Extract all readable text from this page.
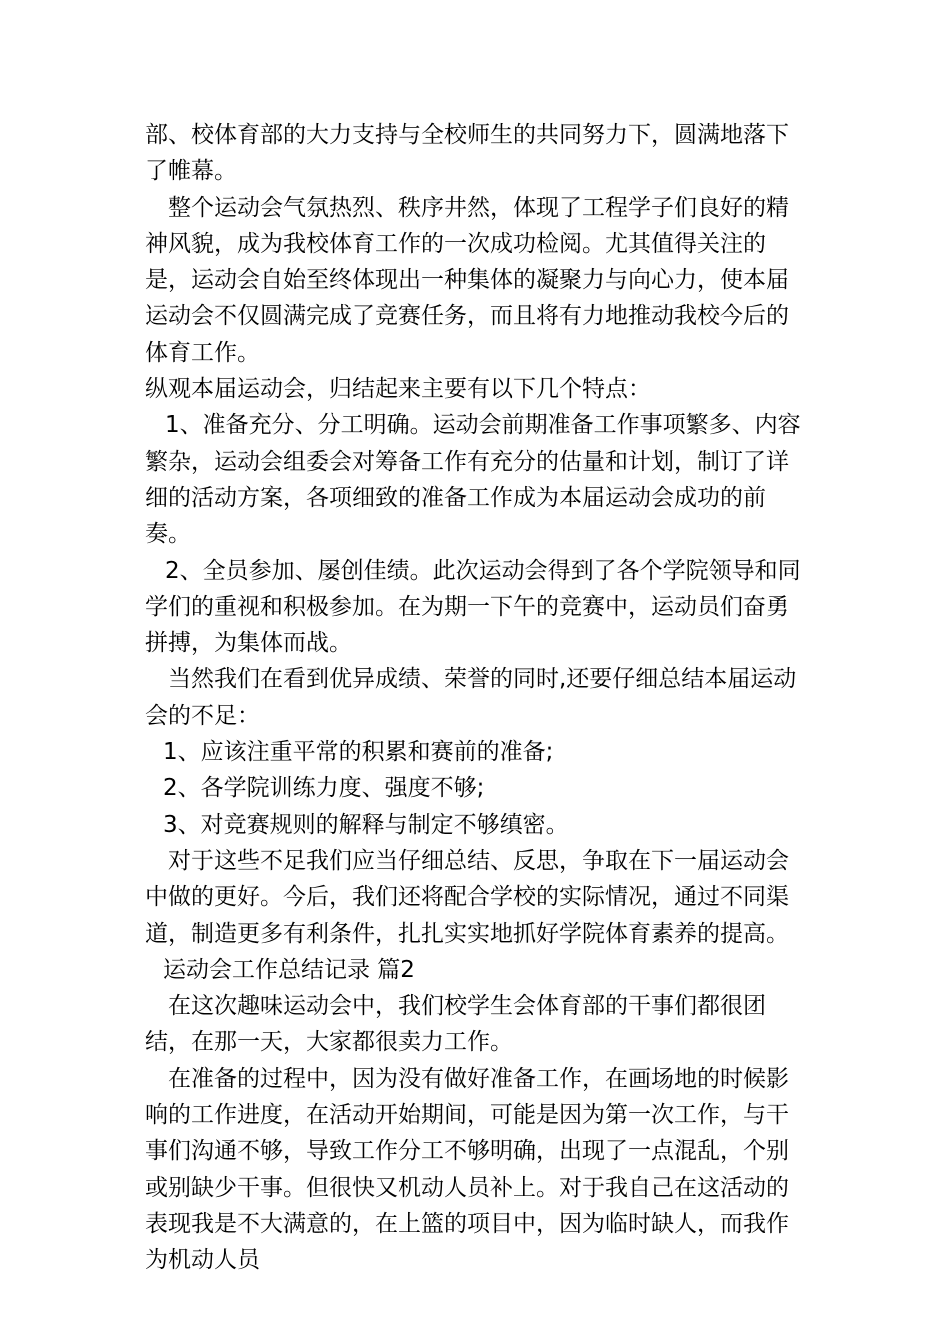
部、校体育部的大力支持与全校师生的共同努力下，圆满地落下了帷幕。

整个运动会气氛热烈、秩序井然，体现了工程学子们良好的精神风貌，成为我校体育工作的一次成功检阅。尤其值得关注的是，运动会自始至终体现出一种集体的凝聚力与向心力，使本届运动会不仅圆满完成了竞赛任务，而且将有力地推动我校今后的体育工作。

纵观本届运动会，归结起来主要有以下几个特点：

1、准备充分、分工明确。运动会前期准备工作事项繁多、内容繁杂，运动会组委会对筹备工作有充分的估量和计划，制订了详细的活动方案，各项细致的准备工作成为本届运动会成功的前奏。

2、全员参加、屡创佳绩。此次运动会得到了各个学院领导和同学们的重视和积极参加。在为期一下午的竞赛中，运动员们奋勇拼搏，为集体而战。

当然我们在看到优异成绩、荣誉的同时,还要仔细总结本届运动会的不足：

1、应该注重平常的积累和赛前的准备;

2、各学院训练力度、强度不够;

3、对竞赛规则的解释与制定不够缜密。

对于这些不足我们应当仔细总结、反思，争取在下一届运动会中做的更好。今后，我们还将配合学校的实际情况，通过不同渠道，制造更多有利条件，扎扎实实地抓好学院体育素养的提高。

运动会工作总结记录 篇2

在这次趣味运动会中，我们校学生会体育部的干事们都很团结，在那一天，大家都很卖力工作。

在准备的过程中，因为没有做好准备工作，在画场地的时候影响的工作进度，在活动开始期间，可能是因为第一次工作，与干事们沟通不够，导致工作分工不够明确，出现了一点混乱，个别或别缺少干事。但很快又机动人员补上。对于我自己在这活动的表现我是不大满意的，在上篮的项目中，因为临时缺人，而我作为机动人员
